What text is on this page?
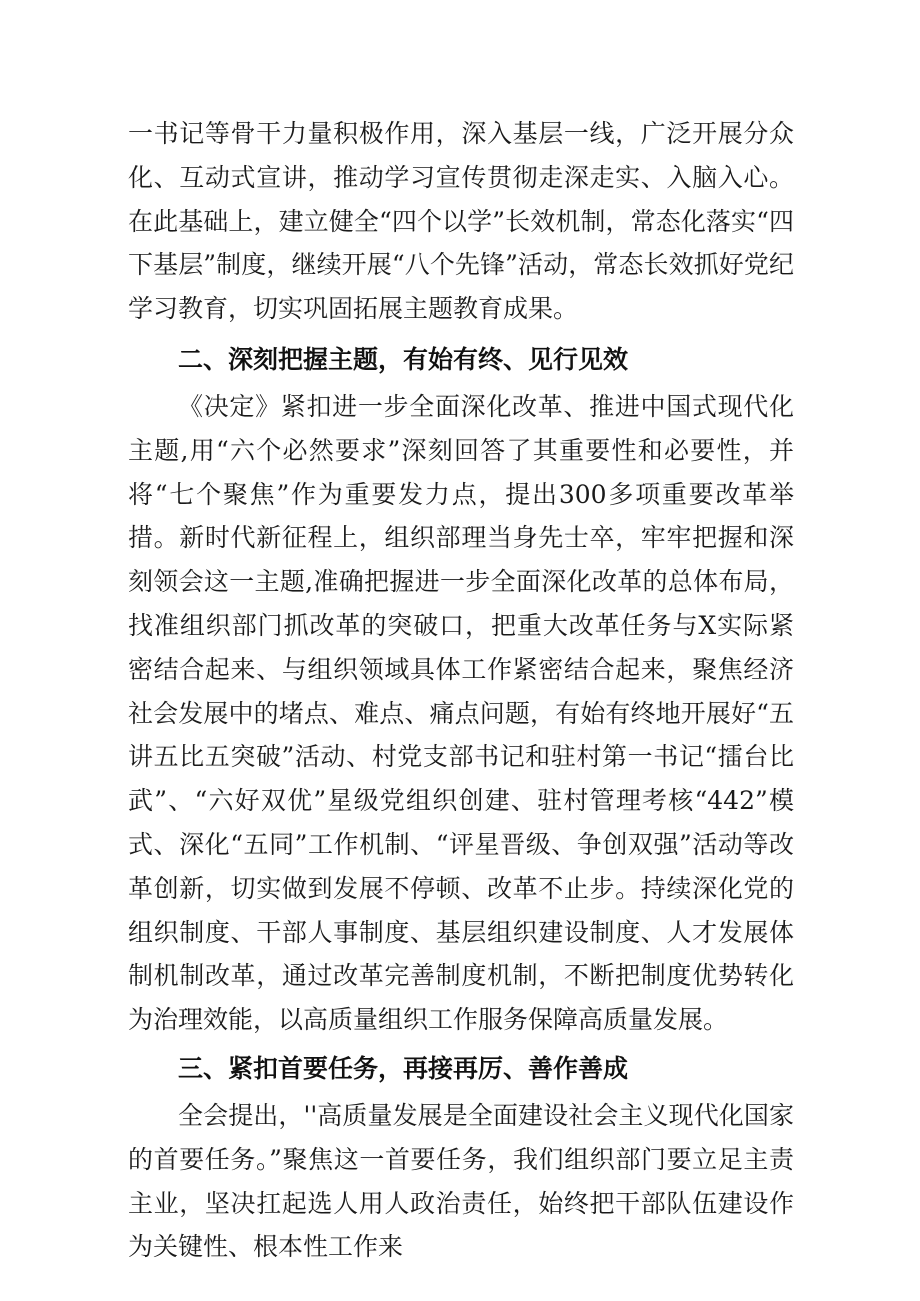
一书记等骨干力量积极作用，深入基层一线，广泛开展分众化、互动式宣讲，推动学习宣传贯彻走深走实、入脑入心。在此基础上，建立健全“四个以学”长效机制，常态化落实“四下基层”制度，继续开展“八个先锋”活动，常态长效抓好党纪学习教育，切实巩固拓展主题教育成果。

二、深刻把握主题，有始有终、见行见效

《决定》紧扣进一步全面深化改革、推进中国式现代化主题,用“六个必然要求”深刻回答了其重要性和必要性，并将“七个聚焦”作为重要发力点，提出300多项重要改革举措。新时代新征程上，组织部理当身先士卒，牢牢把握和深刻领会这一主题,准确把握进一步全面深化改革的总体布局，找准组织部门抓改革的突破口，把重大改革任务与X实际紧密结合起来、与组织领域具体工作紧密结合起来，聚焦经济社会发展中的堵点、难点、痛点问题，有始有终地开展好“五讲五比五突破”活动、村党支部书记和驻村第一书记“擂台比武”、“六好双优”星级党组织创建、驻村管理考核“442”模式、深化“五同”工作机制、“评星晋级、争创双强”活动等改革创新，切实做到发展不停顿、改革不止步。持续深化党的组织制度、干部人事制度、基层组织建设制度、人才发展体制机制改革，通过改革完善制度机制，不断把制度优势转化为治理效能，以高质量组织工作服务保障高质量发展。

三、紧扣首要任务，再接再厉、善作善成

全会提出，''高质量发展是全面建设社会主义现代化国家的首要任务。”聚焦这一首要任务，我们组织部门要立足主责主业，坚决扛起选人用人政治责任，始终把干部队伍建设作为关键性、根本性工作来
